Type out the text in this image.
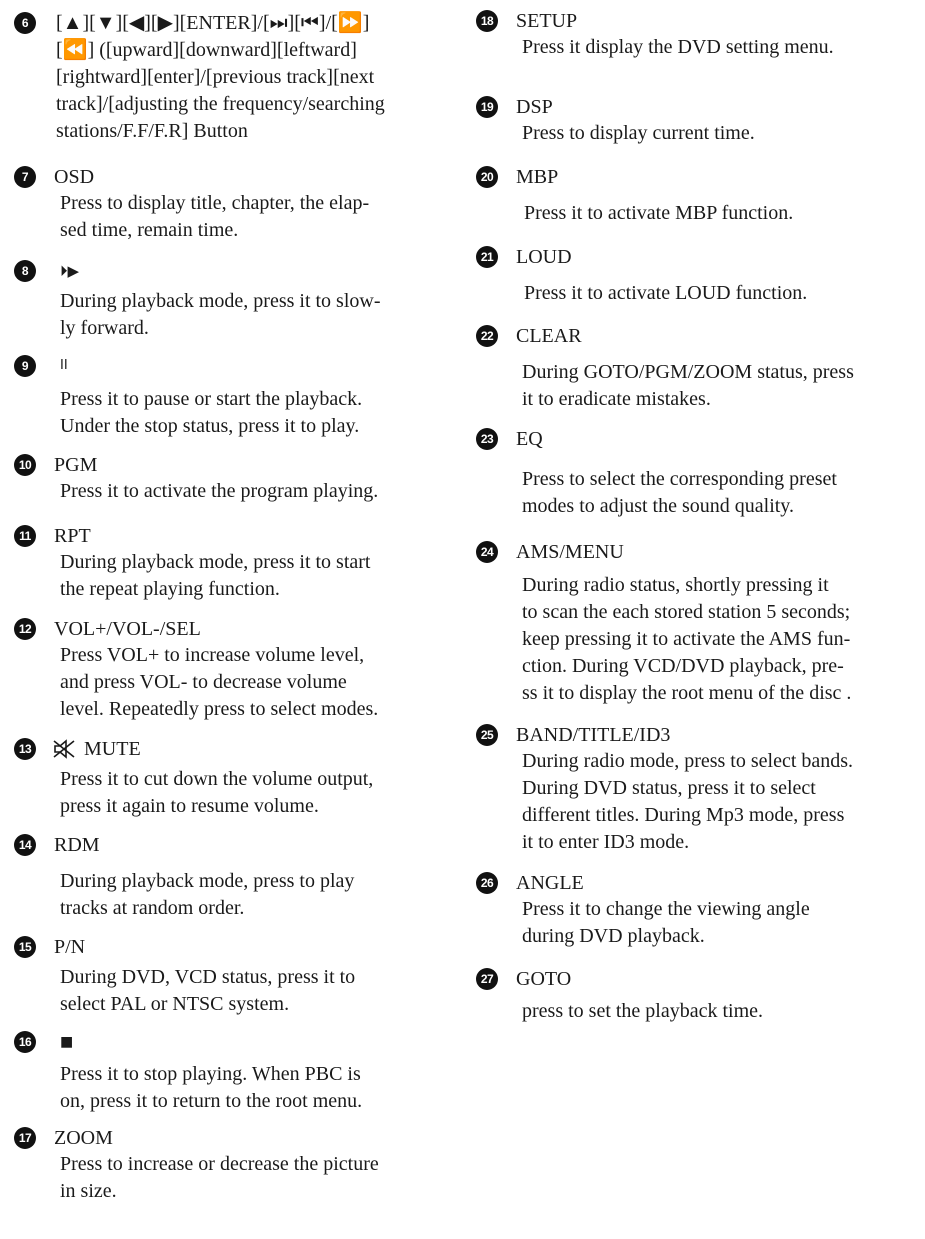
6	[▲][▼][◀][▶][ENTER]/[⏭][⏮]/[⏩]
[⏪] ([upward][downward][leftward]
[rightward][enter]/[previous track][next
track]/[adjusting the frequency/searching
stations/F.F/F.R] Button

7	OSD

Press to display title, chapter, the elap-
sed time, remain time.

8	⏵▶

During playback mode, press it to slow-
ly forward.

9	II

Press it to pause or start the playback.
Under the stop status, press it to play.

10 PGM

Press it to activate the program playing.

11 RPT

During playback mode, press it to start
the repeat playing function.

12 VOL+/VOL-/SEL

Press VOL+ to increase volume level,
and press VOL- to decrease volume
level. Repeatedly press to select modes.

13	MUTE

Press it to cut down the volume output,
press it again to resume volume.

14 RDM

During playback mode, press to play
tracks at random order.

15 P/N

During DVD, VCD status, press it to
select PAL or NTSC system.

16	■

Press it to stop playing. When PBC is
on, press it to return to the root menu.

17 ZOOM

Press to increase or decrease the picture
in size.

18 SETUP

Press it display the DVD setting menu.

19 DSP

Press to display current time.

20 MBP

Press it to activate MBP function.

21 LOUD

Press it to activate LOUD function.

22 CLEAR

During GOTO/PGM/ZOOM status, press
it to eradicate mistakes.

23 EQ

Press to select the corresponding preset
modes to adjust the sound quality.

24 AMS/MENU

During radio status, shortly pressing it
to scan the each stored station 5 seconds;
keep pressing it to activate the AMS fun-
ction. During VCD/DVD playback, pre-
ss it to display the root menu of the disc .

25 BAND/TITLE/ID3

During radio mode, press to select bands.
During DVD status, press it to select
different titles. During Mp3 mode, press
it to enter ID3 mode.

26 ANGLE

Press it to change the viewing angle
during DVD playback.

27 GOTO

press to set the playback time.
